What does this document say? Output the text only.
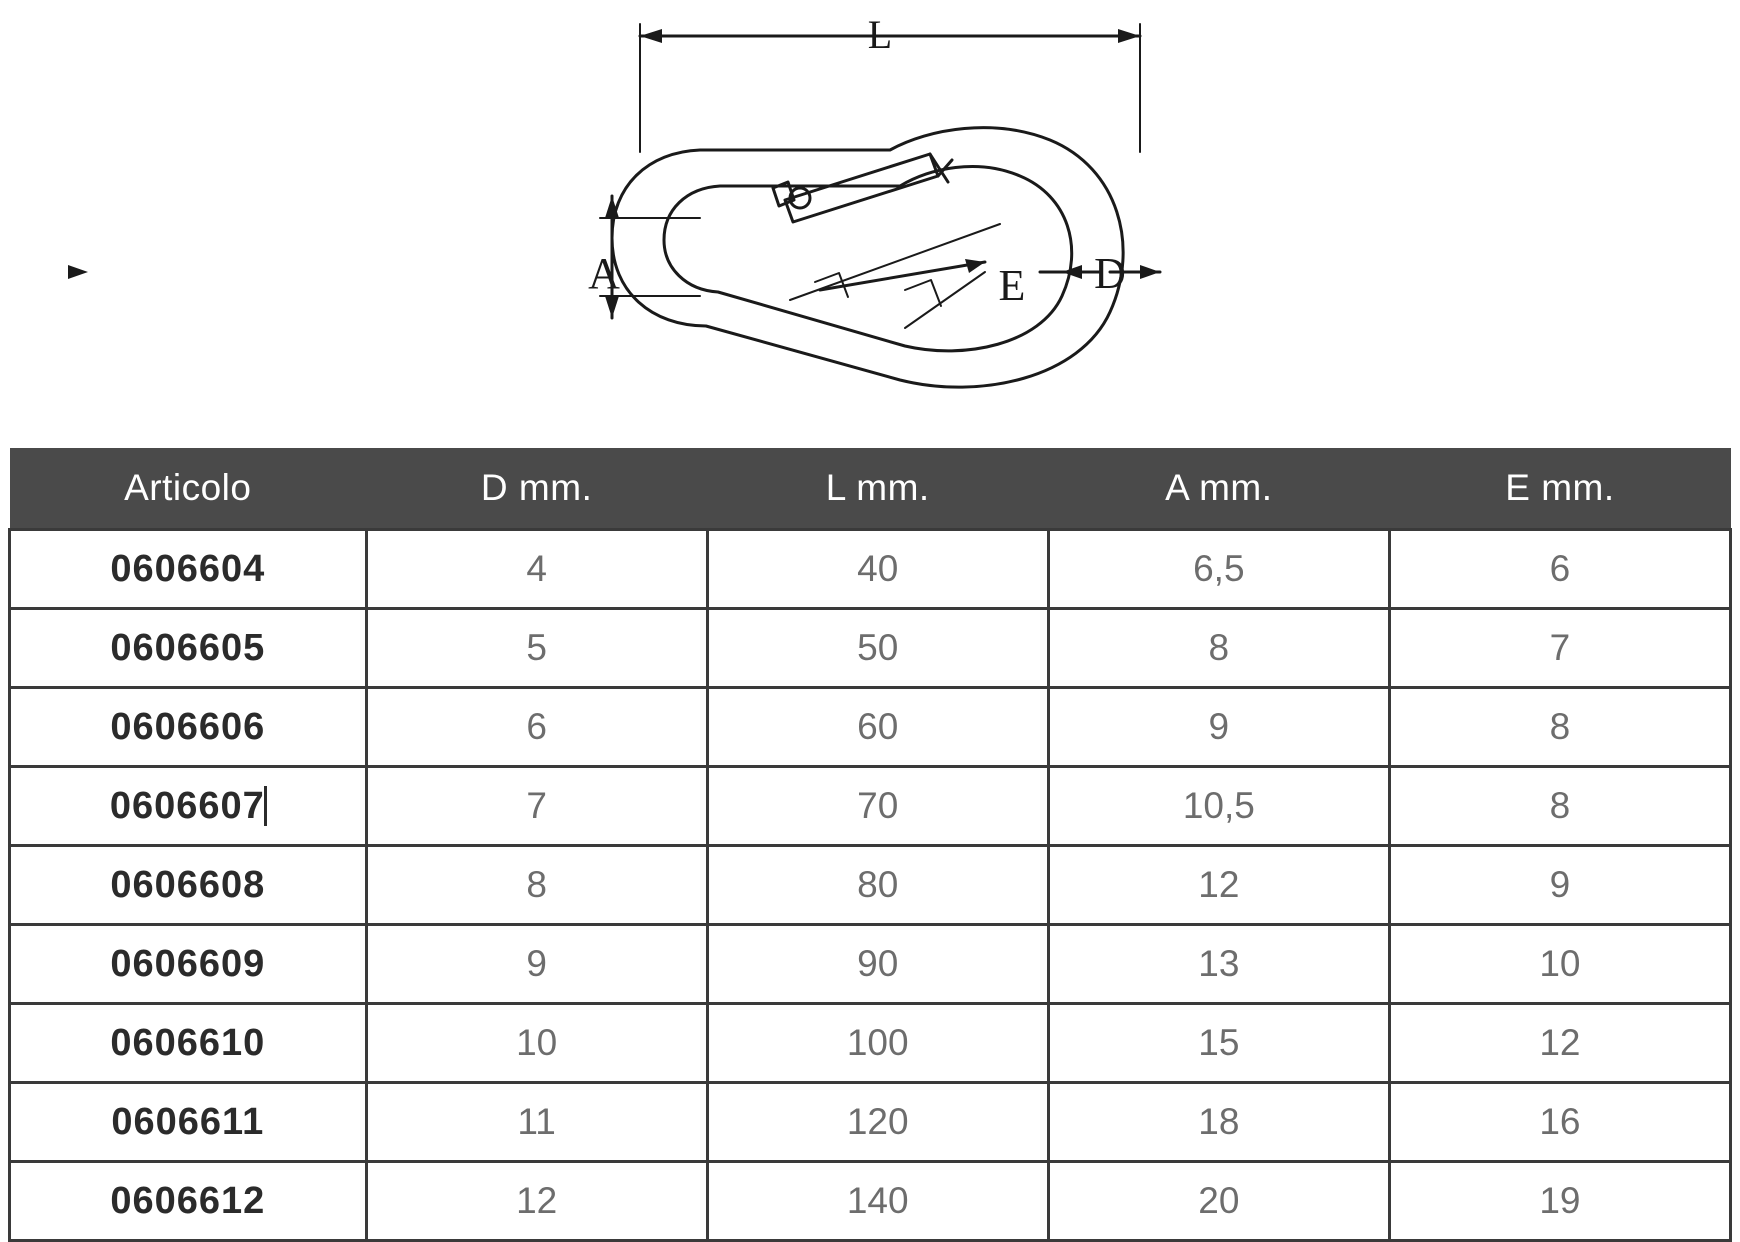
L
A	D
E
Articolo	D mm.	L mm.	A mm.	E mm.
0606604	4	40	6,5	6
0606605	5	50	8	7
0606606	6	60	9	8
0606607	7	70	10,5	8
0606608	8	80	12	9
0606609	9	90	13	10
0606610	10	100	15	12
0606611	11	120	18	16
0606612	12	140	20	19
